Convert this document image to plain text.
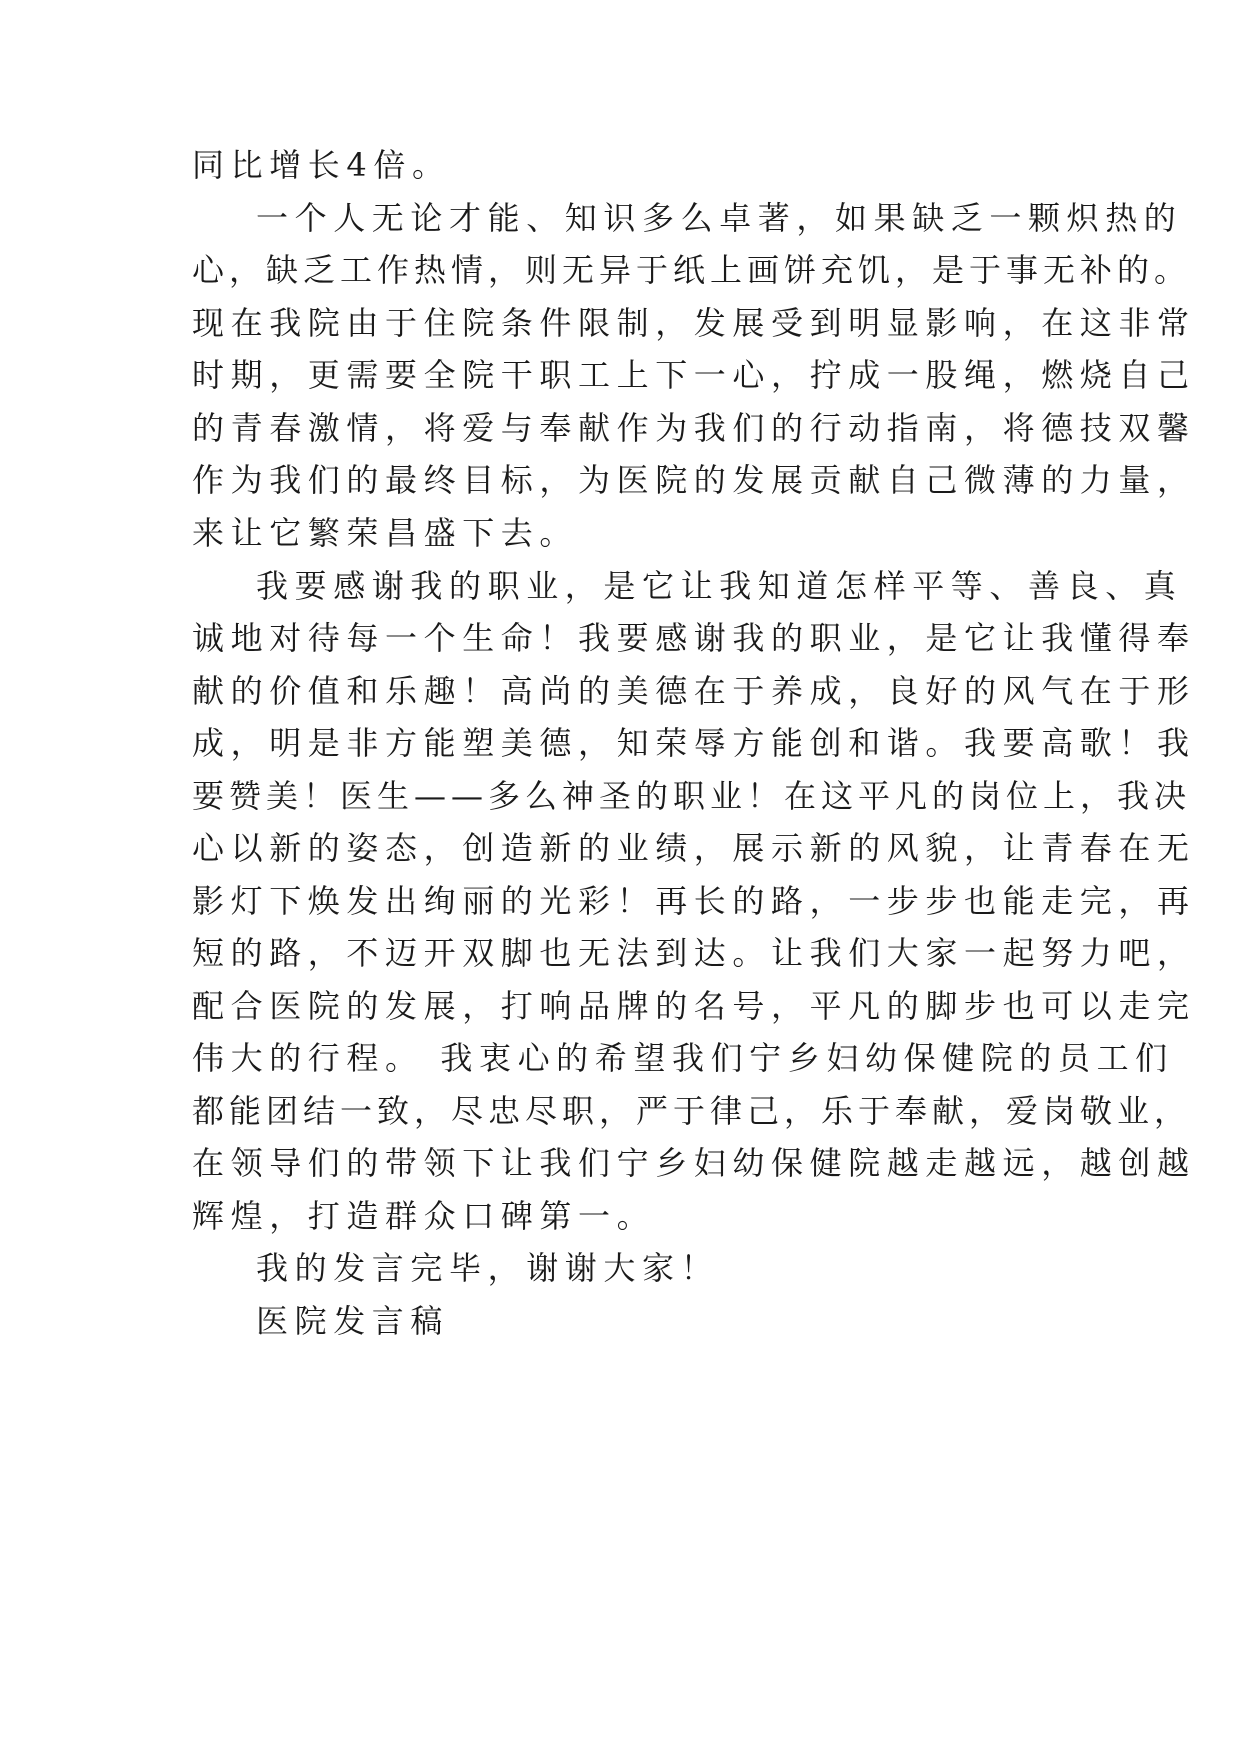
同比增长4倍。
一个人无论才能、知识多么卓著，如果缺乏一颗炽热的
心，缺乏工作热情，则无异于纸上画饼充饥，是于事无补的。
现在我院由于住院条件限制，发展受到明显影响，在这非常
时期，更需要全院干职工上下一心，拧成一股绳，燃烧自己
的青春激情，将爱与奉献作为我们的行动指南，将德技双馨
作为我们的最终目标，为医院的发展贡献自己微薄的力量，
来让它繁荣昌盛下去。
我要感谢我的职业，是它让我知道怎样平等、善良、真
诚地对待每一个生命！我要感谢我的职业，是它让我懂得奉
献的价值和乐趣！高尚的美德在于养成，良好的风气在于形
成，明是非方能塑美德，知荣辱方能创和谐。我要高歌！我
要赞美！医生——多么神圣的职业！在这平凡的岗位上，我决
心以新的姿态，创造新的业绩，展示新的风貌，让青春在无
影灯下焕发出绚丽的光彩！再长的路，一步步也能走完，再
短的路，不迈开双脚也无法到达。让我们大家一起努力吧，
配合医院的发展，打响品牌的名号，平凡的脚步也可以走完
伟大的行程。 我衷心的希望我们宁乡妇幼保健院的员工们
都能团结一致，尽忠尽职，严于律己，乐于奉献，爱岗敬业，
在领导们的带领下让我们宁乡妇幼保健院越走越远，越创越
辉煌，打造群众口碑第一。
我的发言完毕，谢谢大家！
医院发言稿
